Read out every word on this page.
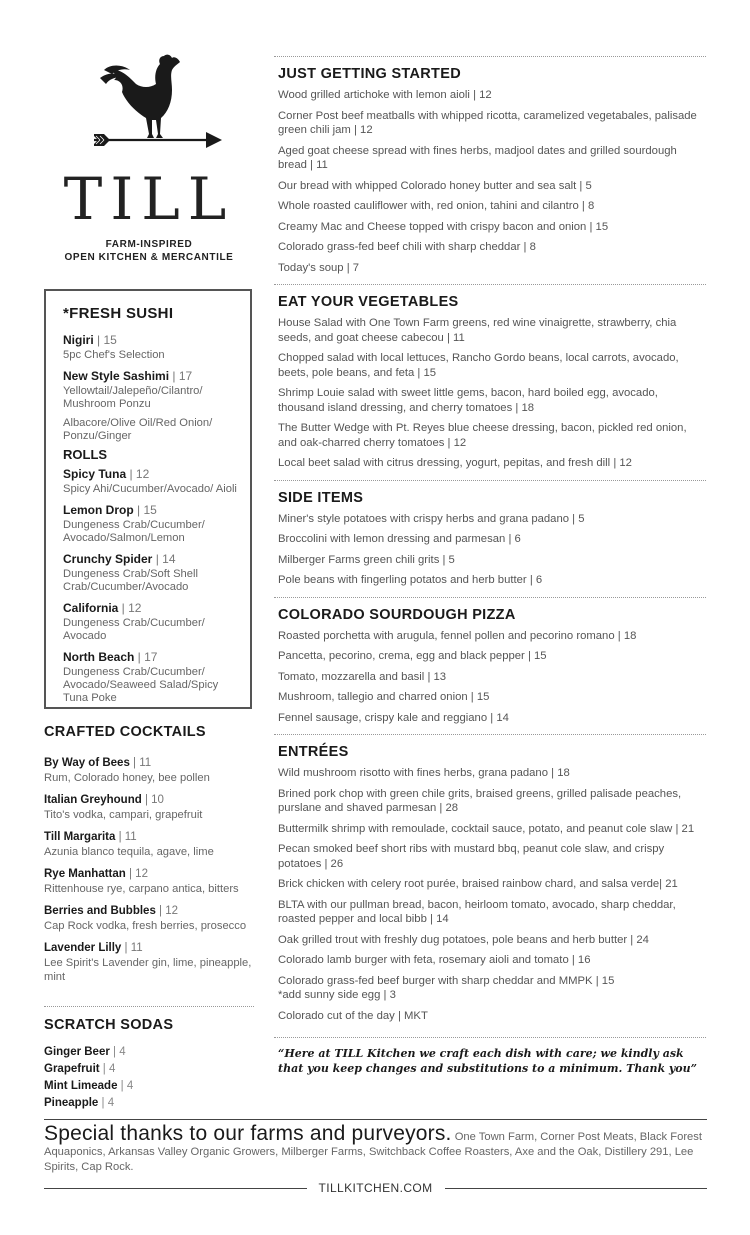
TILL
FARM-INSPIRED
OPEN KITCHEN & MERCANTILE
*FRESH SUSHI
Nigiri | 15
5pc Chef's Selection
New Style Sashimi | 17
Yellowtail/Jalepeño/Cilantro/ Mushroom Ponzu
Albacore/Olive Oil/Red Onion/ Ponzu/Ginger
ROLLS
Spicy Tuna | 12
Spicy Ahi/Cucumber/Avocado/ Aioli
Lemon Drop | 15
Dungeness Crab/Cucumber/ Avocado/Salmon/Lemon
Crunchy Spider | 14
Dungeness Crab/Soft Shell Crab/Cucumber/Avocado
California | 12
Dungeness Crab/Cucumber/ Avocado
North Beach | 17
Dungeness Crab/Cucumber/ Avocado/Seaweed Salad/Spicy Tuna Poke
CRAFTED COCKTAILS
By Way of Bees | 11
Rum, Colorado honey, bee pollen
Italian Greyhound | 10
Tito's vodka, campari, grapefruit
Till Margarita | 11
Azunia blanco tequila, agave, lime
Rye Manhattan | 12
Rittenhouse rye, carpano antica, bitters
Berries and Bubbles | 12
Cap Rock vodka, fresh berries, prosecco
Lavender Lilly | 11
Lee Spirit's Lavender gin, lime, pineapple, mint
SCRATCH SODAS
Ginger Beer | 4
Grapefruit | 4
Mint Limeade | 4
Pineapple | 4
JUST GETTING STARTED
Wood grilled artichoke with lemon aioli | 12
Corner Post beef meatballs with whipped ricotta, caramelized vegetabales, palisade green chili jam | 12
Aged goat cheese spread with fines herbs, madjool dates and grilled sourdough bread | 11
Our bread with whipped Colorado honey butter and sea salt | 5
Whole roasted cauliflower with, red onion, tahini and cilantro | 8
Creamy Mac and Cheese topped with crispy bacon and onion | 15
Colorado grass-fed beef chili with sharp cheddar | 8
Today's soup | 7
EAT YOUR VEGETABLES
House Salad with One Town Farm greens, red wine vinaigrette, strawberry, chia seeds, and goat cheese cabecou | 11
Chopped salad with local lettuces, Rancho Gordo beans, local carrots, avocado, beets, pole beans, and feta | 15
Shrimp Louie salad with sweet little gems, bacon, hard boiled egg, avocado, thousand island dressing, and cherry tomatoes | 18
The Butter Wedge with Pt. Reyes blue cheese dressing, bacon, pickled red onion, and oak-charred cherry tomatoes | 12
Local beet salad with citrus dressing, yogurt, pepitas, and fresh dill | 12
SIDE ITEMS
Miner's style potatoes with crispy herbs and grana padano | 5
Broccolini with lemon dressing and parmesan | 6
Milberger Farms green chili grits | 5
Pole beans with fingerling potatos and herb butter | 6
COLORADO SOURDOUGH PIZZA
Roasted porchetta with arugula, fennel pollen and pecorino romano | 18
Pancetta, pecorino, crema, egg and black pepper | 15
Tomato, mozzarella and basil | 13
Mushroom, tallegio and charred onion | 15
Fennel sausage, crispy kale and reggiano | 14
ENTRÉES
Wild mushroom risotto with fines herbs, grana padano | 18
Brined pork chop with green chile grits, braised greens, grilled palisade peaches, purslane and shaved parmesan | 28
Buttermilk shrimp with remoulade, cocktail sauce, potato, and peanut cole slaw | 21
Pecan smoked beef short ribs with mustard bbq, peanut cole slaw, and crispy potatoes | 26
Brick chicken with celery root purée, braised rainbow chard, and salsa verde| 21
BLTA with our pullman bread, bacon, heirloom tomato, avocado, sharp cheddar, roasted pepper and local bibb | 14
Oak grilled trout with freshly dug potatoes, pole beans and herb butter | 24
Colorado lamb burger with feta, rosemary aioli and tomato | 16
Colorado grass-fed beef burger with sharp cheddar and MMPK | 15
*add sunny side egg | 3
Colorado cut of the day | MKT
“Here at TILL Kitchen we craft each dish with care; we kindly ask that you keep changes and substitutions to a minimum. Thank you”
Special thanks to our farms and purveyors. One Town Farm, Corner Post Meats, Black Forest Aquaponics, Arkansas Valley Organic Growers, Milberger Farms, Switchback Coffee Roasters, Axe and the Oak, Distillery 291, Lee Spirits, Cap Rock.
TILLKITCHEN.COM
